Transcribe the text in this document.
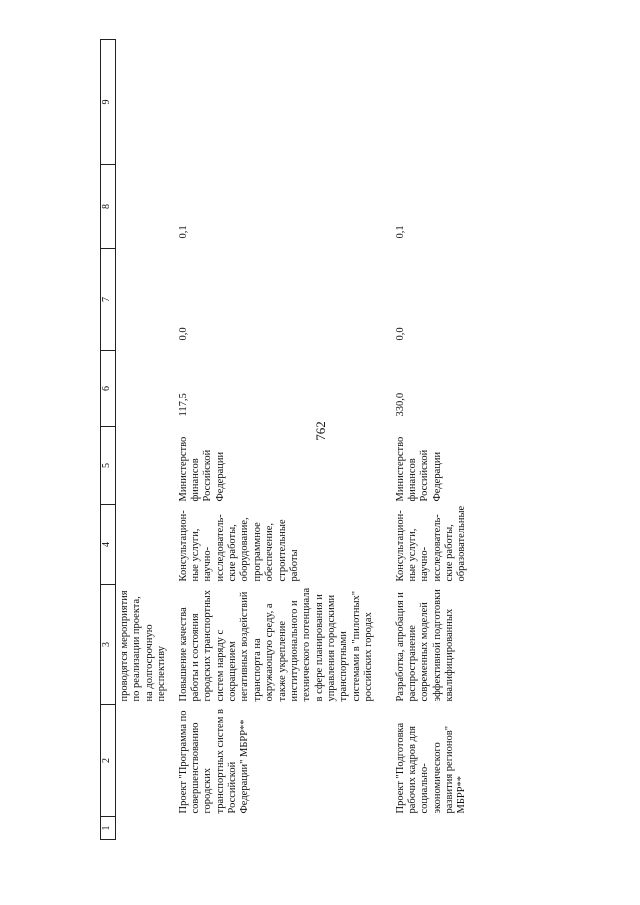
762
1	2	3	4	5	6	7	8	9
		проводятся мероприятия по реализации проекта, на долгосрочную перспективу						
	Проект "Программа по совершенствованию городских транспортных систем в Российской Федерации" МБРР**	Повышение качества работы и состояния городских транспортных систем наряду с сокращением негативных воздействий транспорта на окружающую среду, а также укрепление институционального и технического потенциала в сфере планирования и управления городскими транспортными системами в "пилотных" российских городах	Консультацион-ные услуги, научно-исследователь-ские работы, оборудование, программное обеспечение, строительные работы	Министерство финансов Российской Федерации	117,5	0,0	0,1	
	Проект "Подготовка рабочих кадров для социально-экономического развития регионов" МБРР**	Разработка, апробация и распространение современных моделей эффективной подготовки квалифицированных	Консультацион-ные услуги, научно-исследователь-ские работы, образовательные	Министерство финансов Российской Федерации	330,0	0,0	0,1	
